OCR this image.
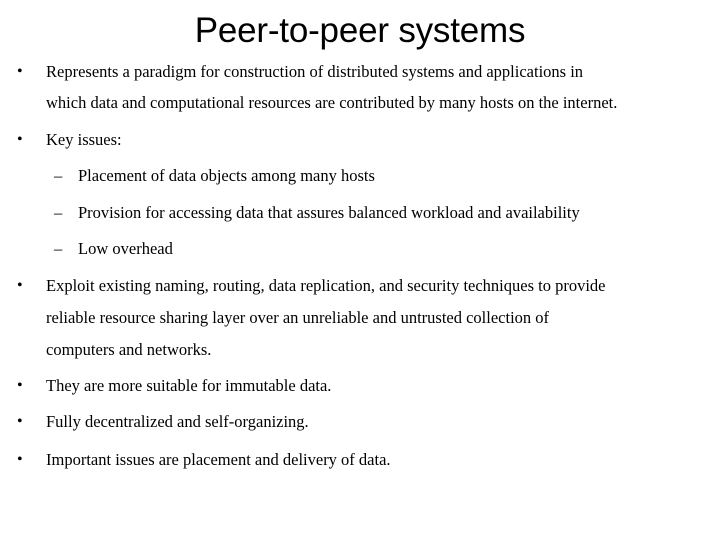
Peer-to-peer systems
• Represents a paradigm for construction of distributed systems and applications in
which data and computational resources are contributed by many hosts on the internet.
• Key issues:
– Placement of data objects among many hosts
– Provision for accessing data that assures balanced workload and availability
– Low overhead
• Exploit existing naming, routing, data replication, and security techniques to provide
reliable resource sharing layer over an unreliable and untrusted collection of
computers and networks.
• They are more suitable for immutable data.
• Fully decentralized and self-organizing.
• Important issues are placement and delivery of data.
